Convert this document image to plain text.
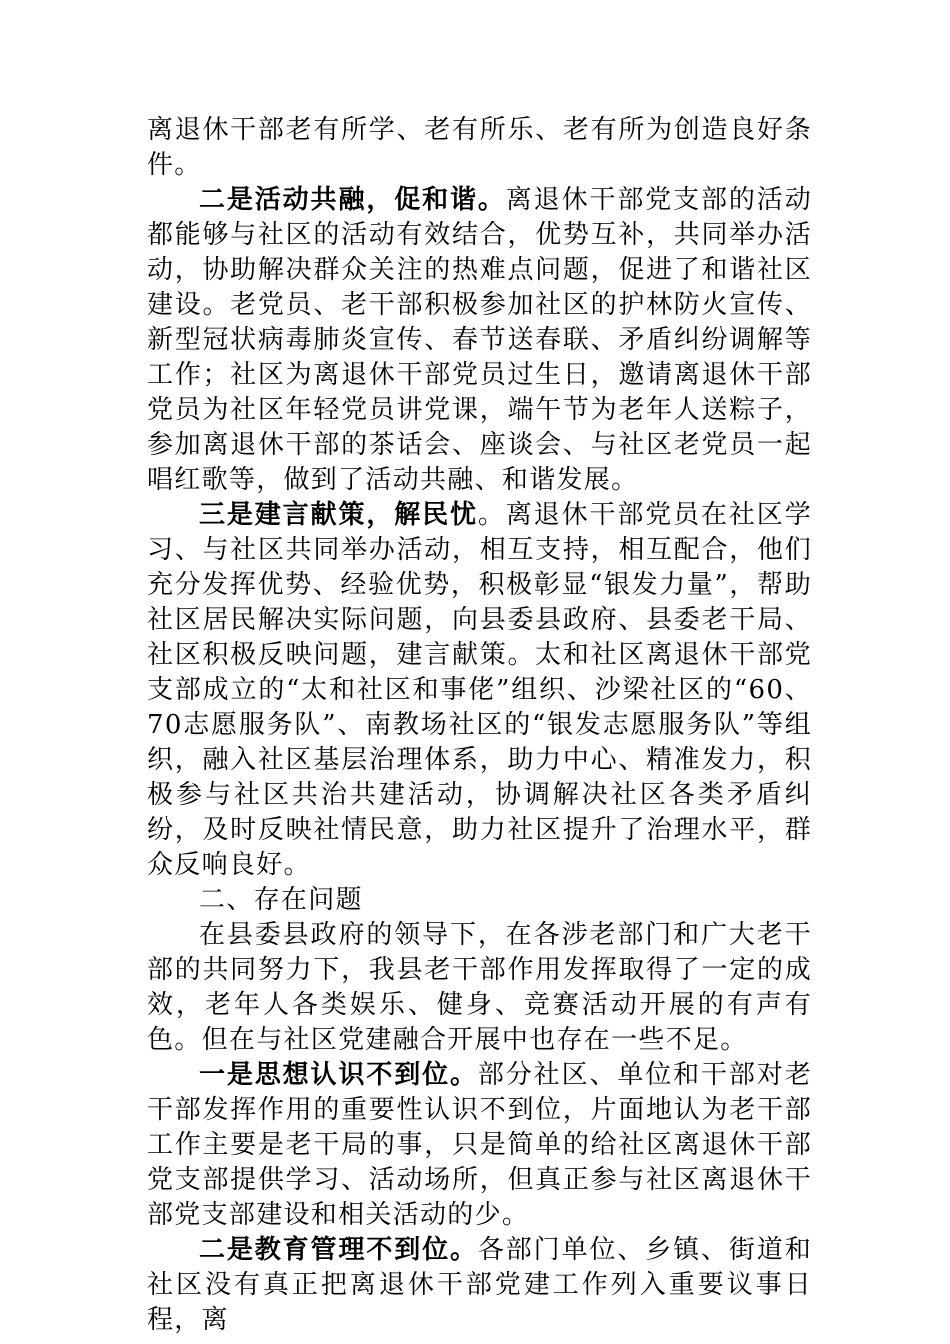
离退休干部老有所学、老有所乐、老有所为创造良好条件。

二是活动共融，促和谐。离退休干部党支部的活动都能够与社区的活动有效结合，优势互补，共同举办活动，协助解决群众关注的热难点问题，促进了和谐社区建设。老党员、老干部积极参加社区的护林防火宣传、新型冠状病毒肺炎宣传、春节送春联、矛盾纠纷调解等工作；社区为离退休干部党员过生日，邀请离退休干部党员为社区年轻党员讲党课，端午节为老年人送粽子，参加离退休干部的茶话会、座谈会、与社区老党员一起唱红歌等，做到了活动共融、和谐发展。

三是建言献策，解民忧。离退休干部党员在社区学习、与社区共同举办活动，相互支持，相互配合，他们充分发挥优势、经验优势，积极彰显“银发力量”，帮助社区居民解决实际问题，向县委县政府、县委老干局、社区积极反映问题，建言献策。太和社区离退休干部党支部成立的“太和社区和事佬”组织、沙梁社区的“60、70志愿服务队”、南教场社区的“银发志愿服务队”等组织，融入社区基层治理体系，助力中心、精准发力，积极参与社区共治共建活动，协调解决社区各类矛盾纠纷，及时反映社情民意，助力社区提升了治理水平，群众反响良好。

二、存在问题

在县委县政府的领导下，在各涉老部门和广大老干部的共同努力下，我县老干部作用发挥取得了一定的成效，老年人各类娱乐、健身、竞赛活动开展的有声有色。但在与社区党建融合开展中也存在一些不足。

一是思想认识不到位。部分社区、单位和干部对老干部发挥作用的重要性认识不到位，片面地认为老干部工作主要是老干局的事，只是简单的给社区离退休干部党支部提供学习、活动场所，但真正参与社区离退休干部党支部建设和相关活动的少。

二是教育管理不到位。各部门单位、乡镇、街道和社区没有真正把离退休干部党建工作列入重要议事日程，离
